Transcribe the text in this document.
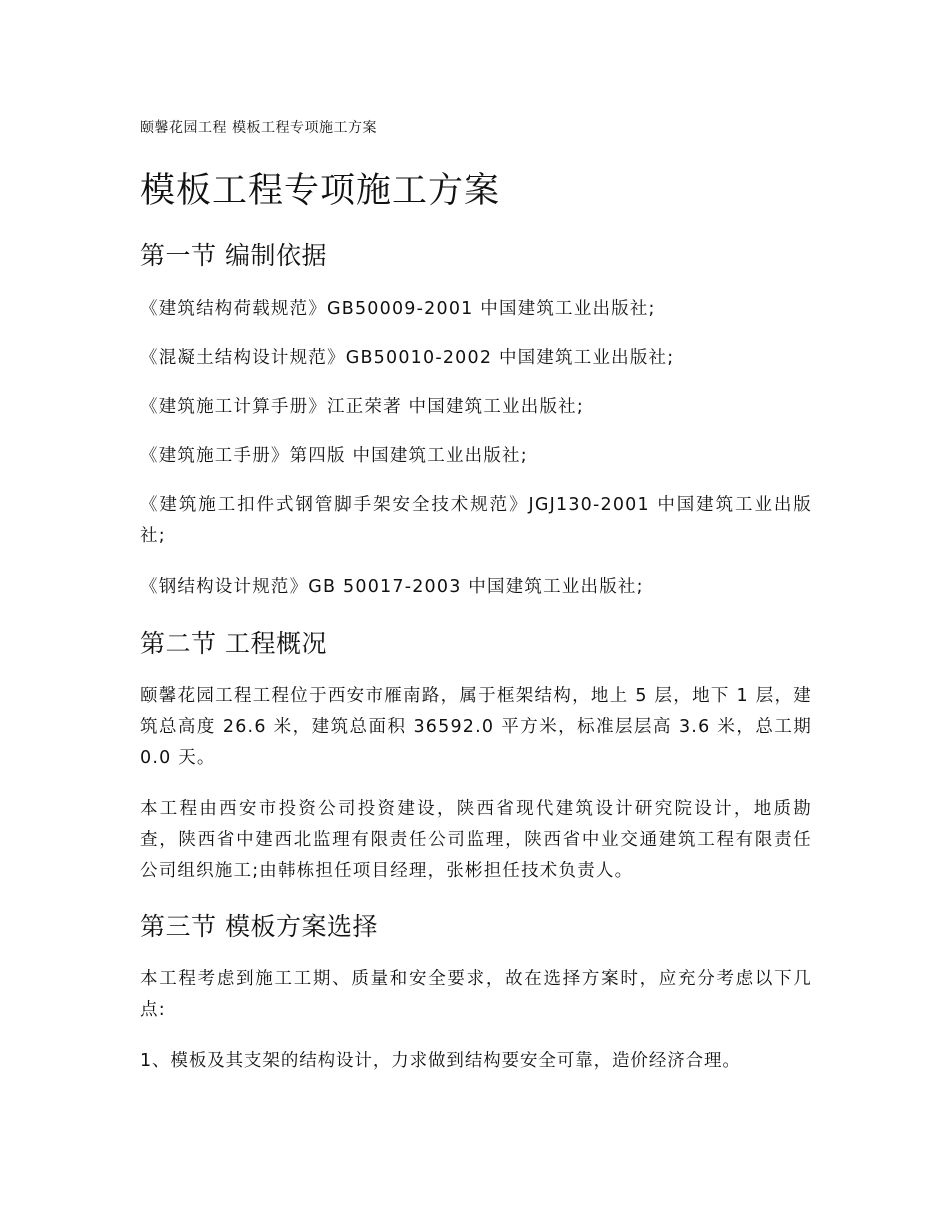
颐馨花园工程 模板工程专项施工方案
模板工程专项施工方案
第一节 编制依据

《建筑结构荷载规范》GB50009-2001 中国建筑工业出版社;

《混凝土结构设计规范》GB50010-2002 中国建筑工业出版社;

《建筑施工计算手册》江正荣著 中国建筑工业出版社;

《建筑施工手册》第四版 中国建筑工业出版社;

《建筑施工扣件式钢管脚手架安全技术规范》JGJ130-2001 中国建筑工业出版社;

《钢结构设计规范》GB 50017-2003 中国建筑工业出版社;

第二节 工程概况

颐馨花园工程工程位于西安市雁南路，属于框架结构，地上 5 层，地下 1 层，建筑总高度 26.6 米，建筑总面积 36592.0 平方米，标准层层高 3.6 米，总工期 0.0 天。

本工程由西安市投资公司投资建设，陕西省现代建筑设计研究院设计，地质勘查，陕西省中建西北监理有限责任公司监理，陕西省中业交通建筑工程有限责任公司组织施工;由韩栋担任项目经理，张彬担任技术负责人。

第三节 模板方案选择

本工程考虑到施工工期、质量和安全要求，故在选择方案时，应充分考虑以下几点:

1、模板及其支架的结构设计，力求做到结构要安全可靠，造价经济合理。
